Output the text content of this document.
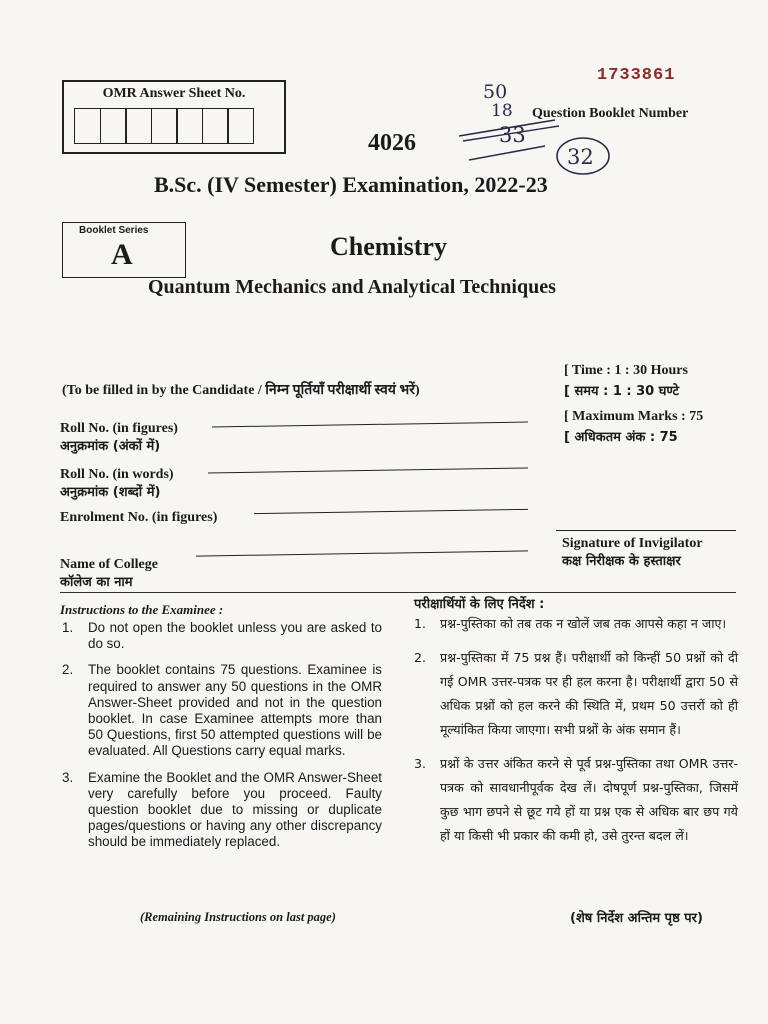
OMR Answer Sheet No.
1733861
50
18
33
32
Question Booklet Number
4026
B.Sc. (IV Semester) Examination, 2022-23
Booklet Series
A	Chemistry
Quantum Mechanics and Analytical Techniques
[ Time : 1 : 30 Hours
[ समय : 1 : 30 घण्टे
[ Maximum Marks : 75
[ अधिकतम अंक : 75
(To be filled in by the Candidate / निम्न पूर्तियाँ परीक्षार्थी स्वयं भरें)
Roll No. (in figures)
अनुक्रमांक (अंकों में)
Roll No. (in words)
अनुक्रमांक (शब्दों में)
Enrolment No. (in figures)
Name of College
कॉलेज का नाम
Signature of Invigilator
कक्ष निरीक्षक के हस्ताक्षर
Instructions to the Examinee :
1. Do not open the booklet unless you are asked to do so.
2. The booklet contains 75 questions. Examinee is required to answer any 50 questions in the OMR Answer-Sheet provided and not in the question booklet. In case Examinee attempts more than 50 Questions, first 50 attempted questions will be evaluated. All Questions carry equal marks.
3. Examine the Booklet and the OMR Answer-Sheet very carefully before you proceed. Faulty question booklet due to missing or duplicate pages/questions or having any other discrepancy should be immediately replaced.
(Remaining Instructions on last page)
परीक्षार्थियों के लिए निर्देश :
1. प्रश्न-पुस्तिका को तब तक न खोलें जब तक आपसे कहा न जाए।
2. प्रश्न-पुस्तिका में 75 प्रश्न हैं। परीक्षार्थी को किन्हीं 50 प्रश्नों को दी गई OMR उत्तर-पत्रक पर ही हल करना है। परीक्षार्थी द्वारा 50 से अधिक प्रश्नों को हल करने की स्थिति में, प्रथम 50 उत्तरों को ही मूल्यांकित किया जाएगा। सभी प्रश्नों के अंक समान हैं।
3. प्रश्नों के उत्तर अंकित करने से पूर्व प्रश्न-पुस्तिका तथा OMR उत्तर-पत्रक को सावधानीपूर्वक देख लें। दोषपूर्ण प्रश्न-पुस्तिका, जिसमें कुछ भाग छपने से छूट गये हों या प्रश्न एक से अधिक बार छप गये हों या किसी भी प्रकार की कमी हो, उसे तुरन्त बदल लें।
(शेष निर्देश अन्तिम पृष्ठ पर)
